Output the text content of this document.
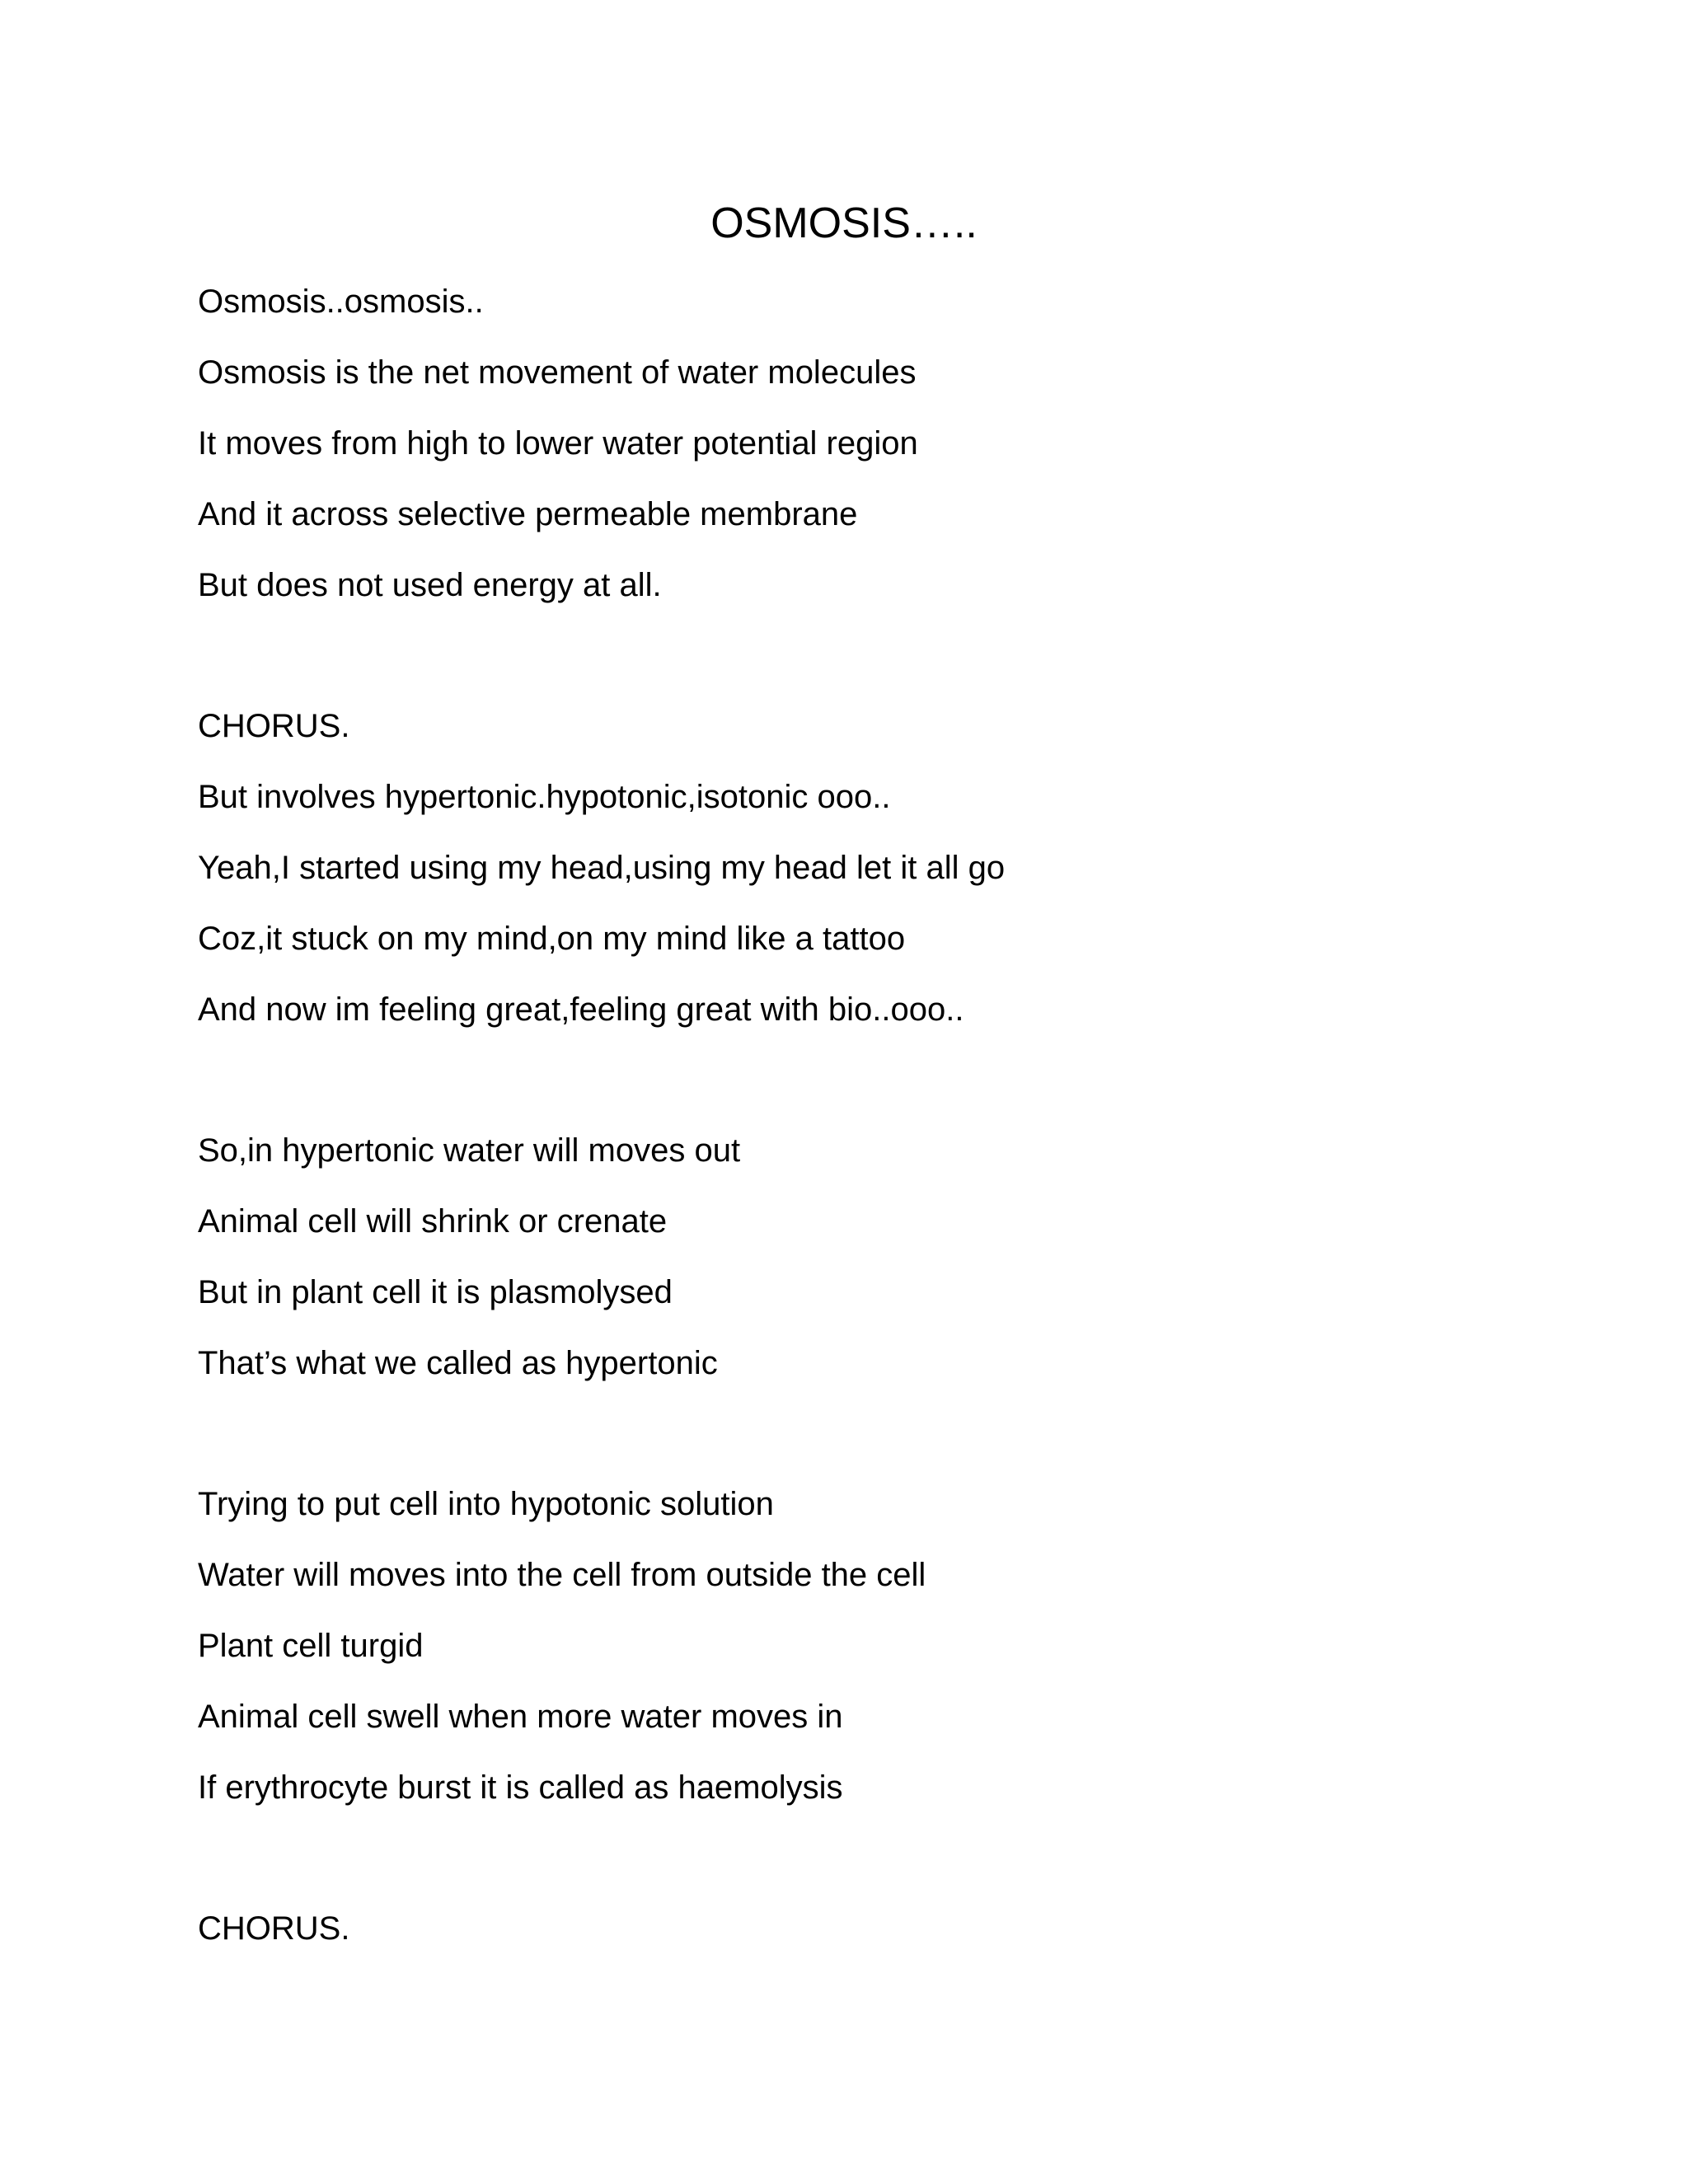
OSMOSIS…..

Osmosis..osmosis..

Osmosis is the net movement of water molecules

It moves from high to lower water potential region

And it across selective permeable membrane

But does not used energy at all.

CHORUS.

But involves hypertonic.hypotonic,isotonic ooo..

Yeah,I started using my head,using my head let it all go

Coz,it stuck on my mind,on my mind like a tattoo

And now im feeling great,feeling great with bio..ooo..

So,in hypertonic water will moves out

Animal cell will shrink or crenate

But in plant cell it is plasmolysed

That’s what we called as hypertonic

Trying to put cell into hypotonic solution

Water will moves into the cell from outside the cell

Plant cell turgid

Animal cell swell when more water moves in

If erythrocyte burst it is called as haemolysis

CHORUS.
